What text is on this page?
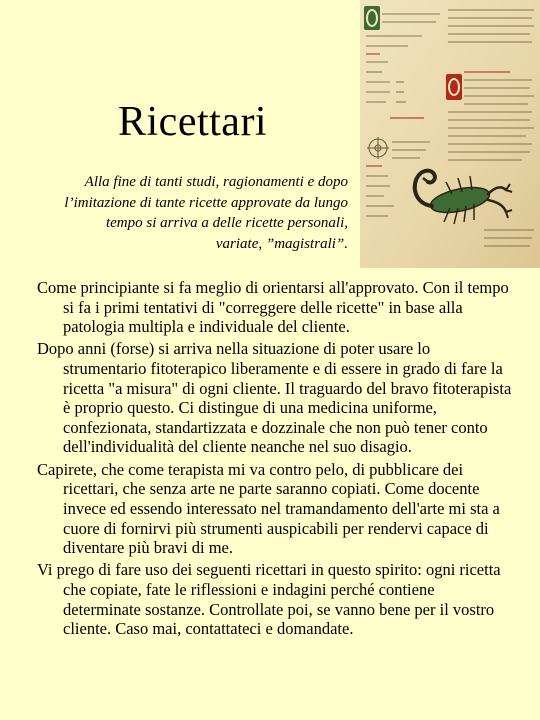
Ricettari

Alla fine di tanti studi, ragionamenti e dopo l’imitazione di tante ricette approvate da lungo tempo si arriva a delle ricette personali, variate, ”magistrali”.

Come principiante si fa meglio di orientarsi all'approvato. Con il tempo si fa i primi tentativi di "correggere delle ricette" in base alla patologia multipla e individuale del cliente.
Dopo anni (forse) si arriva nella situazione di poter usare lo strumentario fitoterapico liberamente e di essere in grado di fare la ricetta "a misura" di ogni cliente. Il traguardo del bravo fitoterapista è proprio questo. Ci distingue di una medicina uniforme, confezionata, standartizzata e dozzinale che non può tener conto dell'individualità del cliente neanche nel suo disagio.
Capirete, che come terapista mi va contro pelo, di pubblicare dei ricettari, che senza arte ne parte saranno copiati. Come docente invece ed essendo interessato nel tramandamento dell'arte mi sta a cuore di fornirvi più strumenti auspicabili per rendervi capace di diventare più bravi di me.
Vi prego di fare uso dei seguenti ricettari in questo spirito: ogni ricetta che copiate, fate le riflessioni e indagini perché contiene determinate sostanze. Controllate poi, se vanno bene per il vostro cliente. Caso mai, contattateci e domandate.
